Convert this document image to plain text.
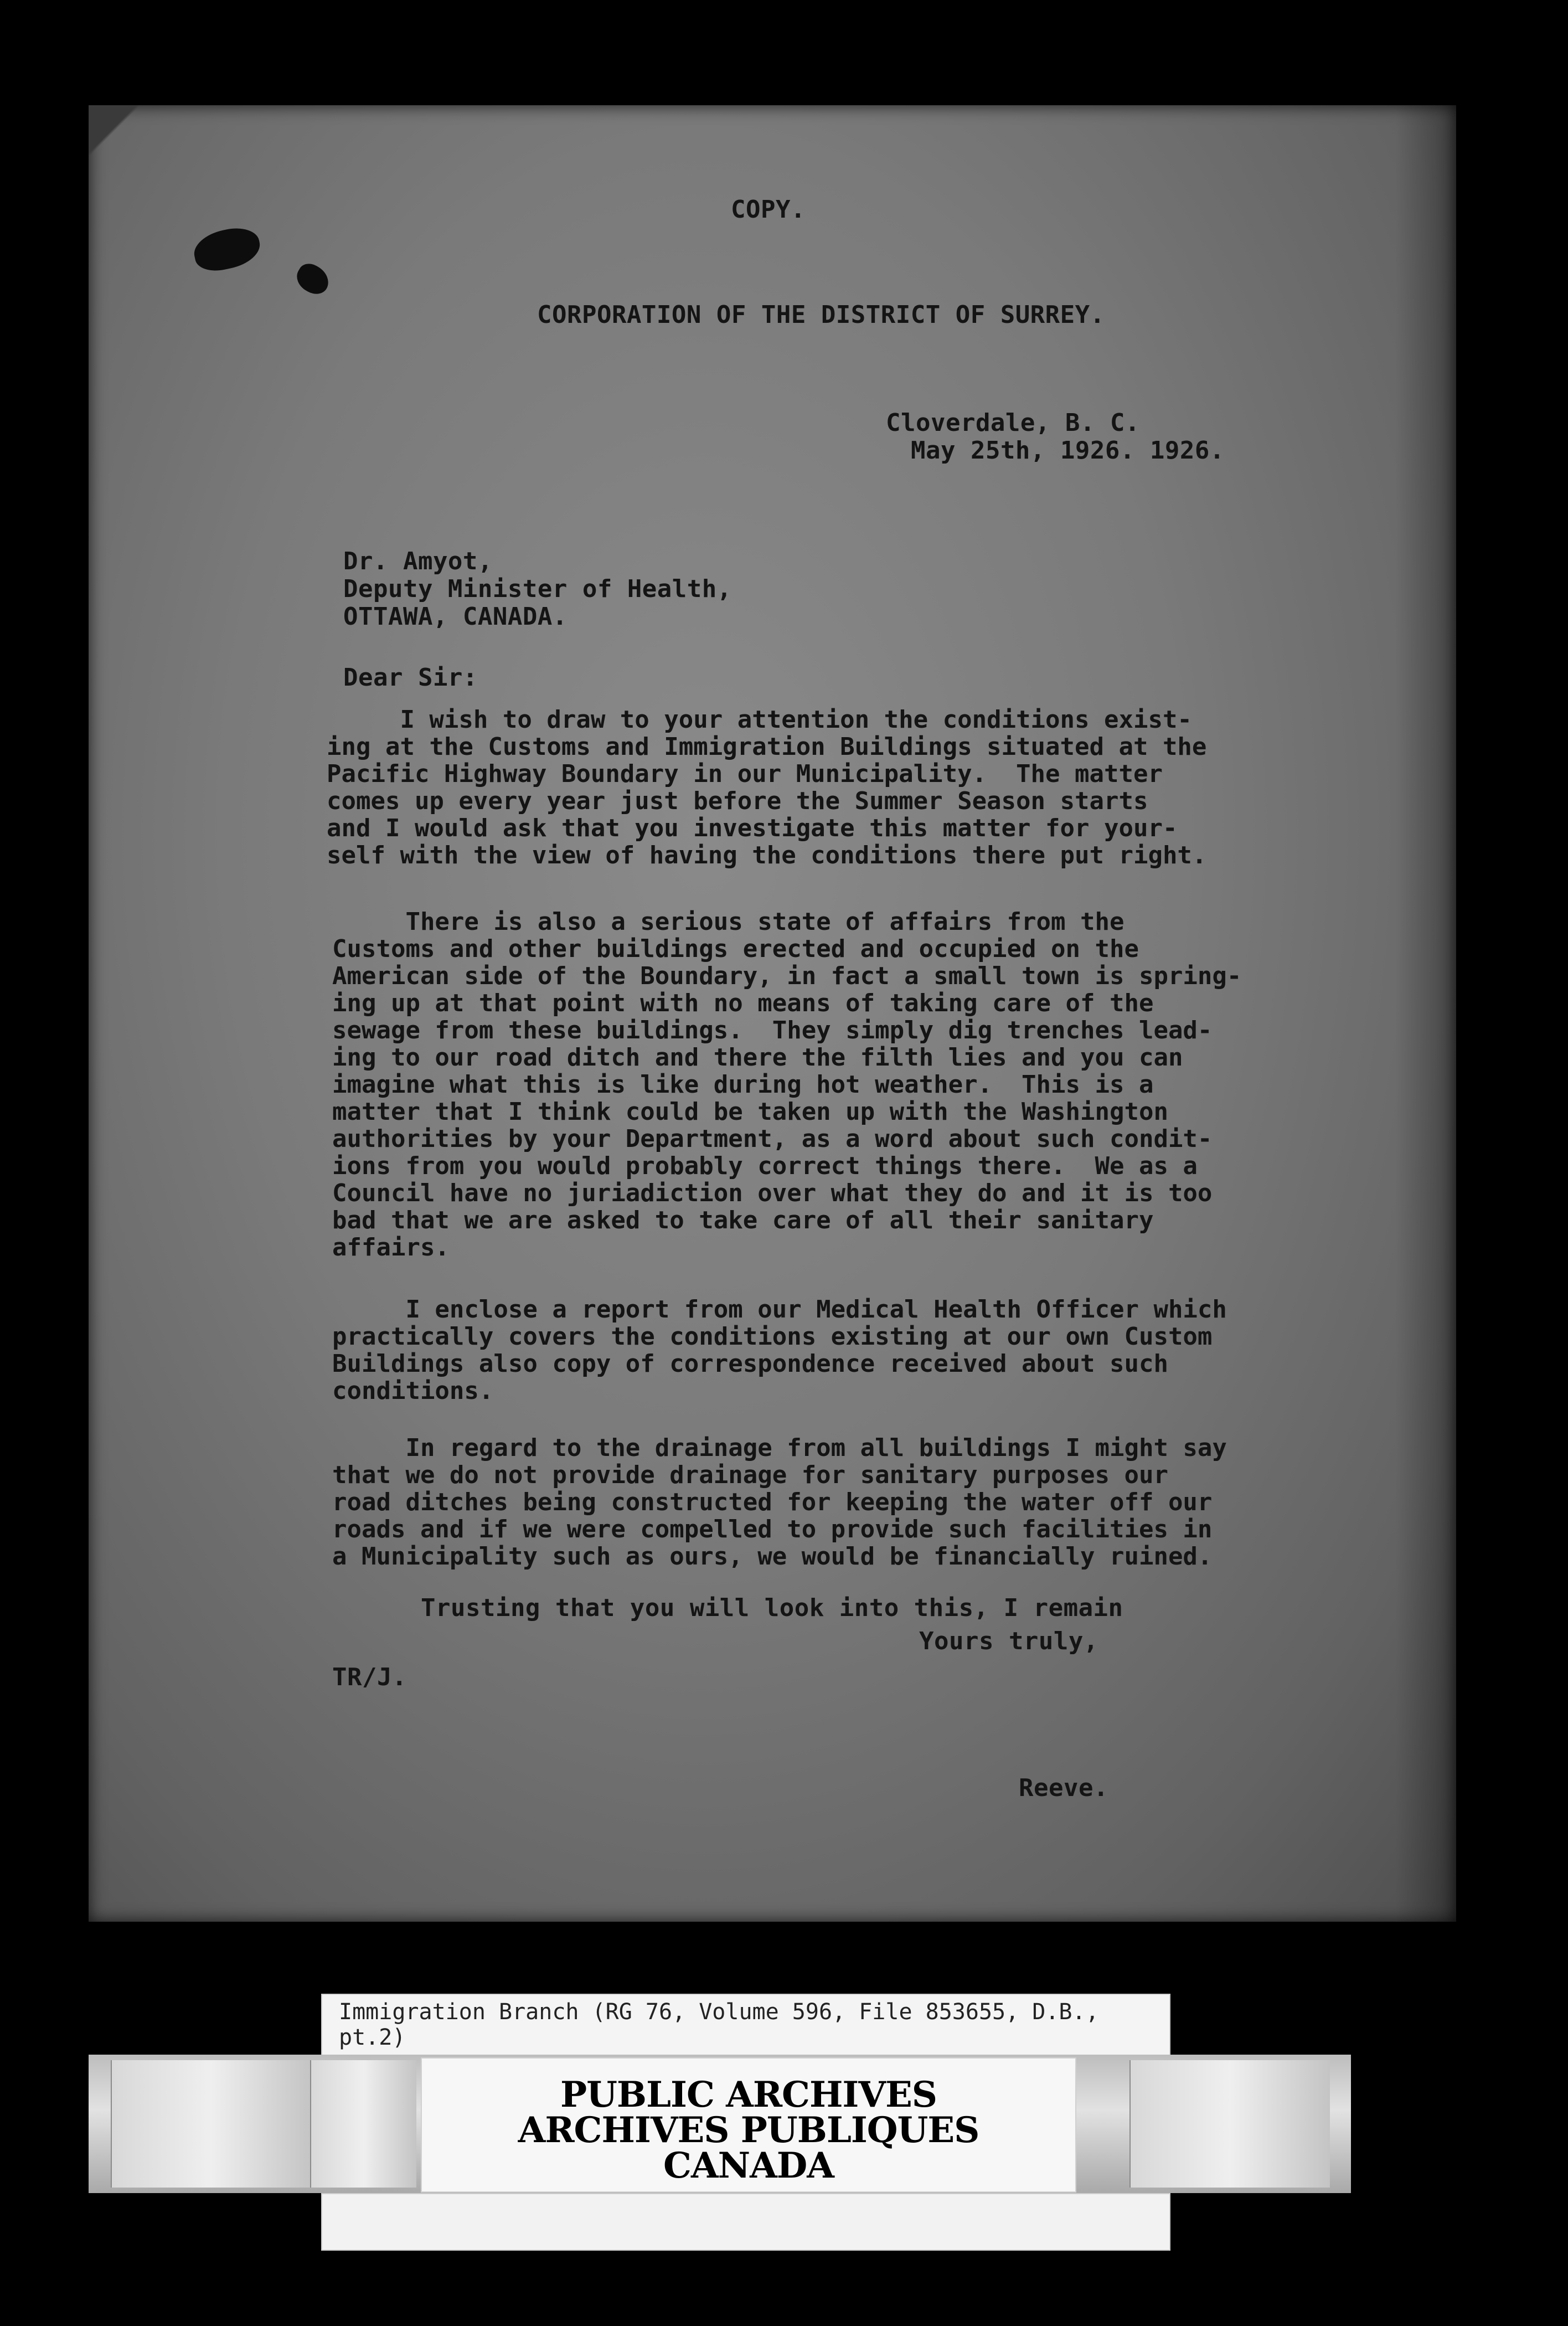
COPY.
CORPORATION OF THE DISTRICT OF SURREY.
Cloverdale, B. C.
May 25th, 1926. 1926.
Dr. Amyot,
Deputy Minister of Health,
OTTAWA, CANADA.
Dear Sir:
I wish to draw to your attention the conditions exist-
ing at the Customs and Immigration Buildings situated at the
Pacific Highway Boundary in our Municipality.  The matter
comes up every year just before the Summer Season starts
and I would ask that you investigate this matter for your-
self with the view of having the conditions there put right.
There is also a serious state of affairs from the
Customs and other buildings erected and occupied on the
American side of the Boundary, in fact a small town is spring-
ing up at that point with no means of taking care of the
sewage from these buildings.  They simply dig trenches lead-
ing to our road ditch and there the filth lies and you can
imagine what this is like during hot weather.  This is a
matter that I think could be taken up with the Washington
authorities by your Department, as a word about such condit-
ions from you would probably correct things there.  We as a
Council have no juriadiction over what they do and it is too
bad that we are asked to take care of all their sanitary
affairs.
I enclose a report from our Medical Health Officer which
practically covers the conditions existing at our own Custom
Buildings also copy of correspondence received about such
conditions.
In regard to the drainage from all buildings I might say
that we do not provide drainage for sanitary purposes our
road ditches being constructed for keeping the water off our
roads and if we were compelled to provide such facilities in
a Municipality such as ours, we would be financially ruined.
Trusting that you will look into this, I remain
Yours truly,
TR/J.
Reeve.
Immigration Branch (RG 76, Volume 596, File 853655, D.B.,
pt.2)
PUBLIC ARCHIVES
ARCHIVES PUBLIQUES
CANADA
